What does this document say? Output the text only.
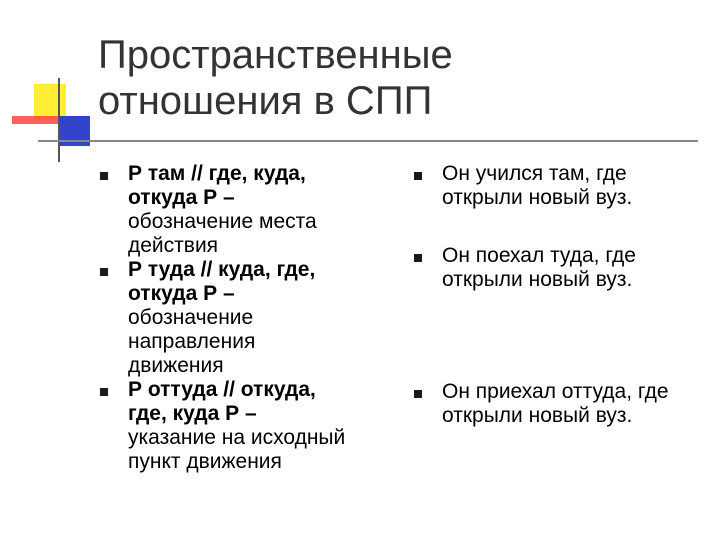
Пространственные
отношения в СПП
Р там // где, куда,
откуда Р –
обозначение места
действия
Р туда // куда, где,
откуда Р –
обозначение
направления
движения
Р оттуда // откуда,
где, куда Р –
указание на исходный
пункт движения
Он учился там, где
открыли новый вуз.
Он поехал туда, где
открыли новый вуз.
Он приехал оттуда, где
открыли новый вуз.
